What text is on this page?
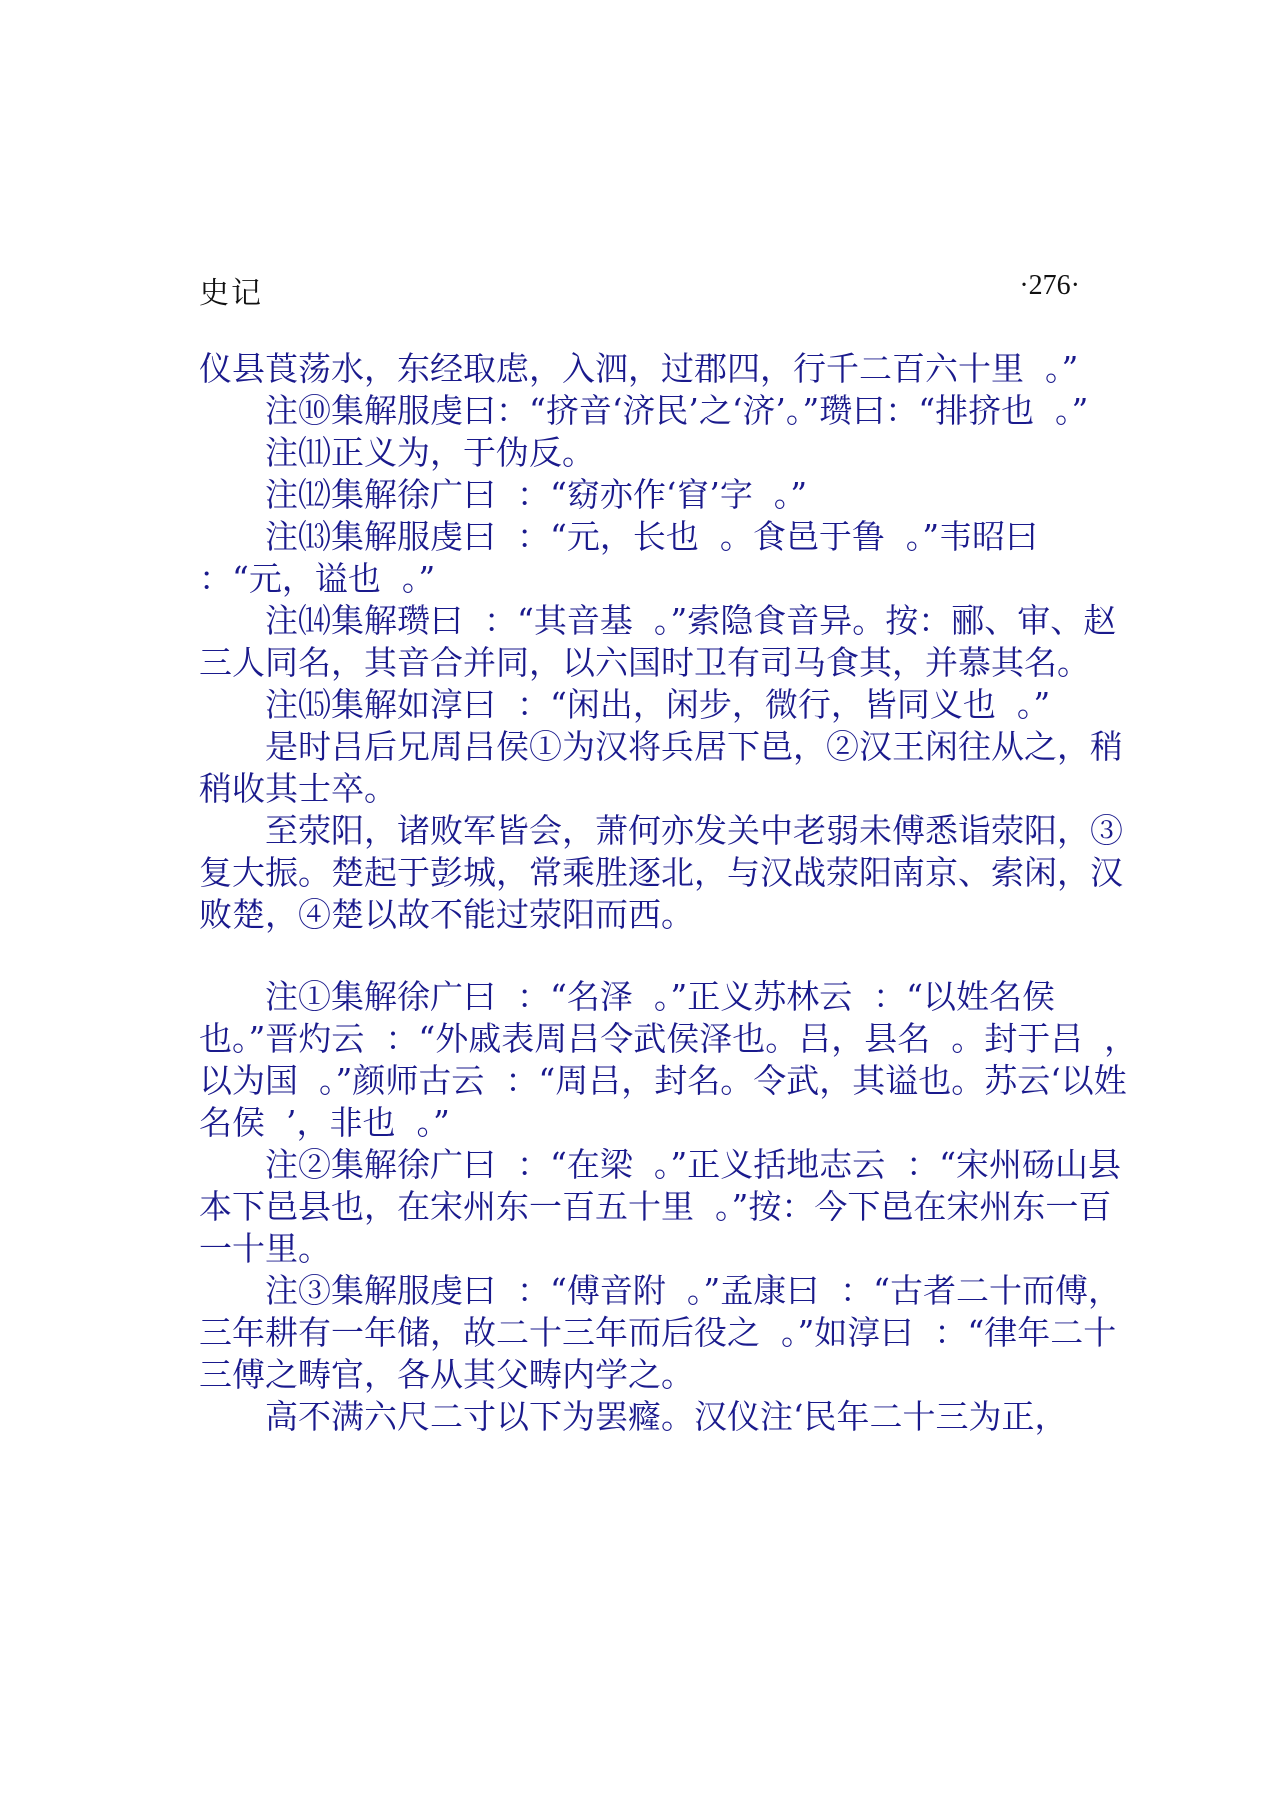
史记	·276·

仪县莨荡水，东经取虑，入泗，过郡四，行千二百六十里  。”

注⑩集解服虔曰：“挤音‘济民’之‘济’。”瓒曰：“排挤也  。”

注⑾正义为，于伪反。

注⑿集解徐广曰  ：“窈亦作‘窅’字  。”

注⒀集解服虔曰  ：“元，长也  。食邑于鲁  。”韦昭曰  ：“元，谥也  。”

注⒁集解瓒曰  ：“其音基  。”索隐食音异。按：郦、审、赵三人同名，其音合并同，以六国时卫有司马食其，并慕其名。

注⒂集解如淳曰  ：“闲出，闲步，微行，皆同义也  。”

是时吕后兄周吕侯①为汉将兵居下邑，②汉王闲往从之，稍稍收其士卒。

至荥阳，诸败军皆会，萧何亦发关中老弱未傅悉诣荥阳，③复大振。楚起于彭城，常乘胜逐北，与汉战荥阳南京、索闲，汉败楚，④楚以故不能过荥阳而西。

注①集解徐广曰  ：“名泽  。”正义苏林云  ：“以姓名侯也。”晋灼云  ：“外戚表周吕令武侯泽也。吕，县名  。封于吕  ，以为国  。”颜师古云  ：“周吕，封名。令武，其谥也。苏云‘以姓名侯  ’，非也  。”

注②集解徐广曰  ：“在梁  。”正义括地志云  ：“宋州砀山县本下邑县也，在宋州东一百五十里  。”按：今下邑在宋州东一百一十里。

注③集解服虔曰  ：“傅音附  。”孟康曰  ：“古者二十而傅，三年耕有一年储，故二十三年而后役之  。”如淳曰  ：“律年二十三傅之畴官，各从其父畴内学之。

高不满六尺二寸以下为罢癃。汉仪注‘民年二十三为正，
